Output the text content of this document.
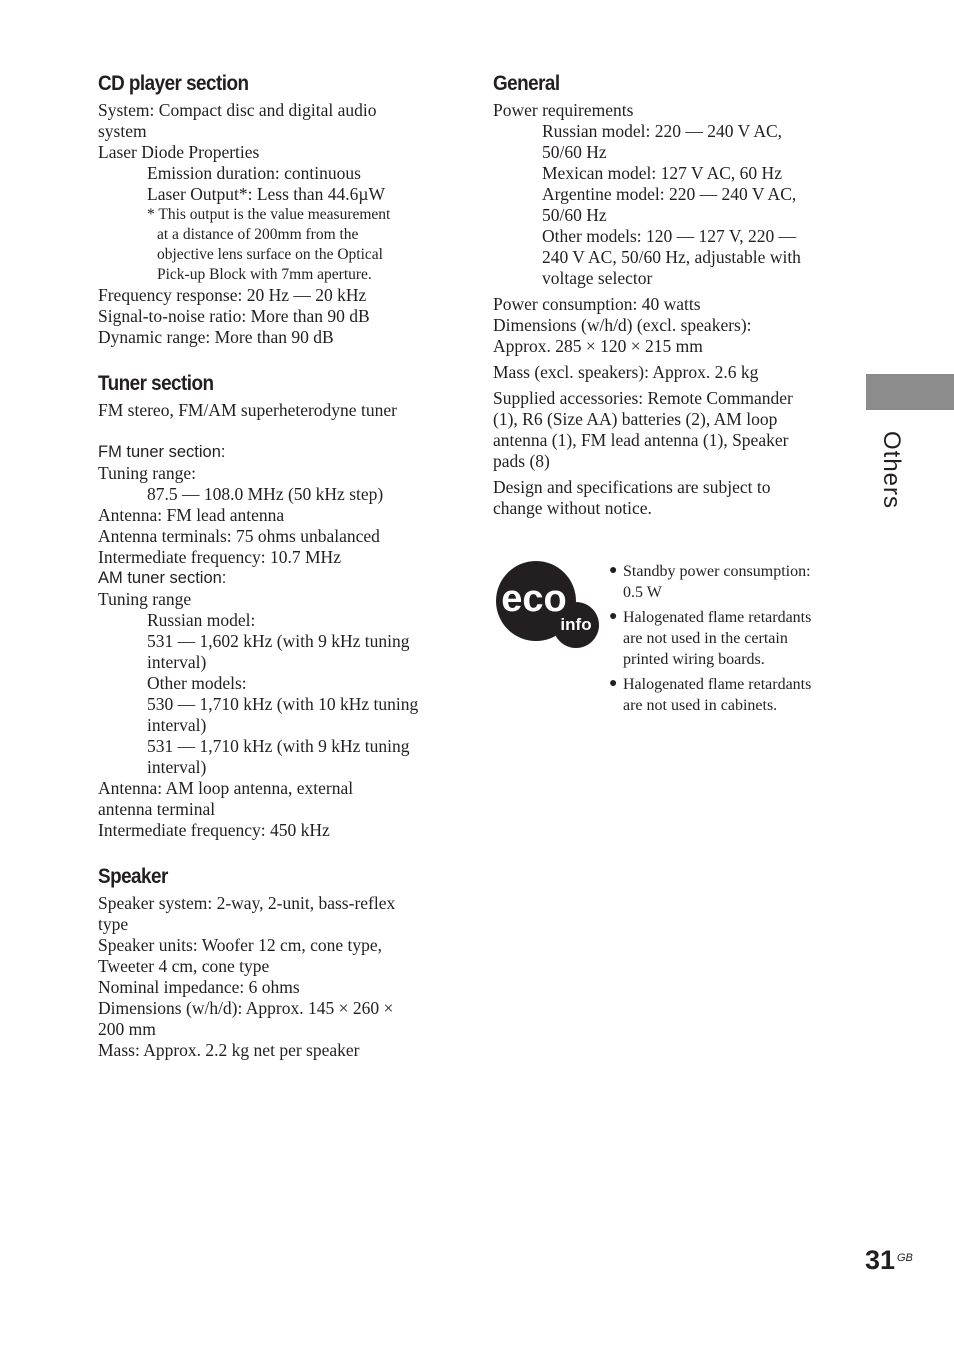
CD player section
System: Compact disc and digital audio
system
Laser Diode Properties
Emission duration: continuous
Laser Output*: Less than 44.6µW
* This output is the value measurement
at a distance of 200mm from the
objective lens surface on the Optical
Pick-up Block with 7mm aperture.
Frequency response: 20 Hz — 20 kHz
Signal-to-noise ratio: More than 90 dB
Dynamic range: More than 90 dB
Tuner section
FM stereo, FM/AM superheterodyne tuner
FM tuner section:
Tuning range:
87.5 — 108.0 MHz (50 kHz step)
Antenna: FM lead antenna
Antenna terminals: 75 ohms unbalanced
Intermediate frequency: 10.7 MHz
AM tuner section:
Tuning range
Russian model:
531 — 1,602 kHz (with 9 kHz tuning
interval)
Other models:
530 — 1,710 kHz (with 10 kHz tuning
interval)
531 — 1,710 kHz (with 9 kHz tuning
interval)
Antenna: AM loop antenna, external
antenna terminal
Intermediate frequency: 450 kHz
Speaker
Speaker system: 2-way, 2-unit, bass-reflex
type
Speaker units: Woofer 12 cm, cone type,
Tweeter 4 cm, cone type
Nominal impedance: 6 ohms
Dimensions (w/h/d): Approx. 145 × 260 ×
200 mm
Mass: Approx. 2.2 kg net per speaker
General
Power requirements
Russian model: 220 — 240 V AC,
50/60 Hz
Mexican model: 127 V AC, 60 Hz
Argentine model: 220 — 240 V AC,
50/60 Hz
Other models: 120 — 127 V, 220 —
240 V AC, 50/60 Hz, adjustable with
voltage selector
Power consumption: 40 watts
Dimensions (w/h/d) (excl. speakers):
Approx. 285 × 120 × 215 mm
Mass (excl. speakers): Approx. 2.6 kg
Supplied accessories: Remote Commander
(1), R6 (Size AA) batteries (2), AM loop
antenna (1), FM lead antenna (1), Speaker
pads (8)
Design and specifications are subject to
change without notice.
eco
info
● Standby power consumption:
0.5 W
● Halogenated flame retardants
are not used in the certain
printed wiring boards.
● Halogenated flame retardants
are not used in cabinets.
Others
31 GB
